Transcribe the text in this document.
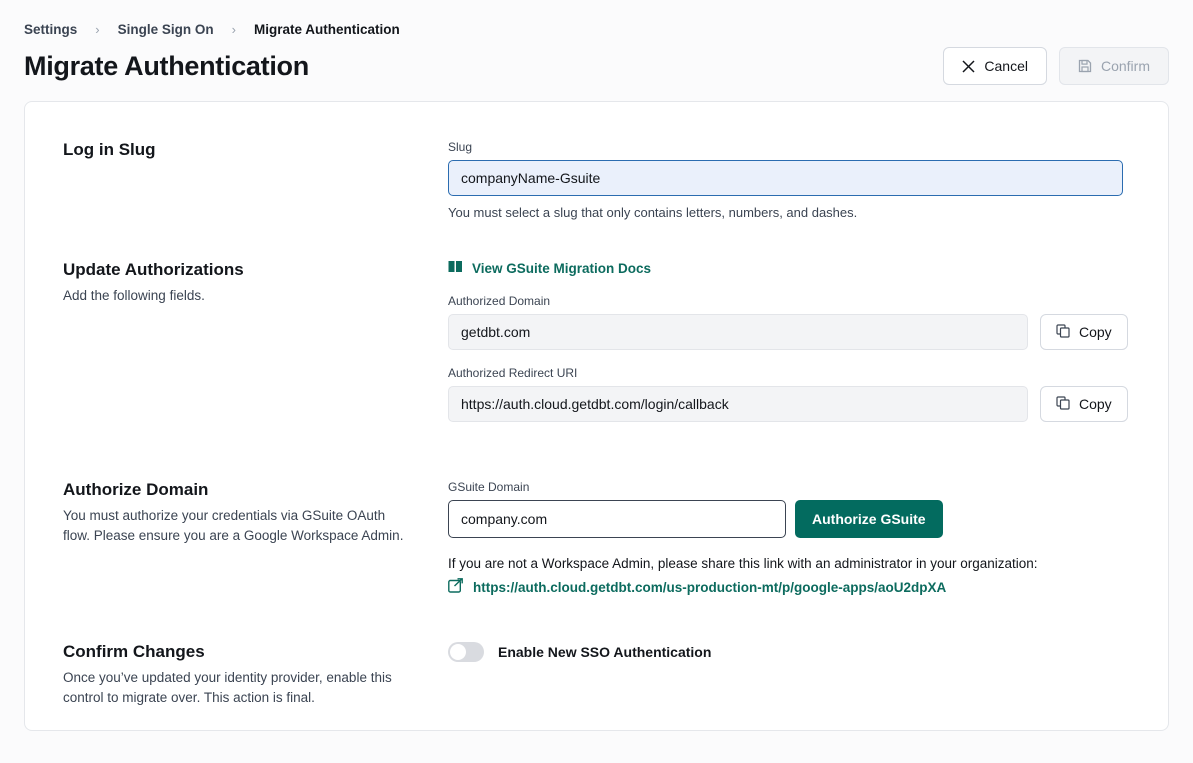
Settings	›	Single Sign On	›	Migrate Authentication
Migrate Authentication	Cancel	Confirm
Log in Slug	Slug
companyName-Gsuite
You must select a slug that only contains letters, numbers, and dashes.
Update Authorizations

Add the following fields.

View GSuite Migration Docs
Authorized Domain
getdbt.com	Copy
Authorized Redirect URI
https://auth.cloud.getdbt.com/login/callback	Copy
Authorize Domain

You must authorize your credentials via GSuite OAuth flow. Please ensure you are a Google Workspace Admin.

GSuite Domain
company.com
Authorize GSuite
If you are not a Workspace Admin, please share this link with an administrator in your organization:
https://auth.cloud.getdbt.com/us-production-mt/p/google-apps/aoU2dpXA
Confirm Changes

Once you’ve updated your identity provider, enable this control to migrate over. This action is final.

Enable New SSO Authentication
